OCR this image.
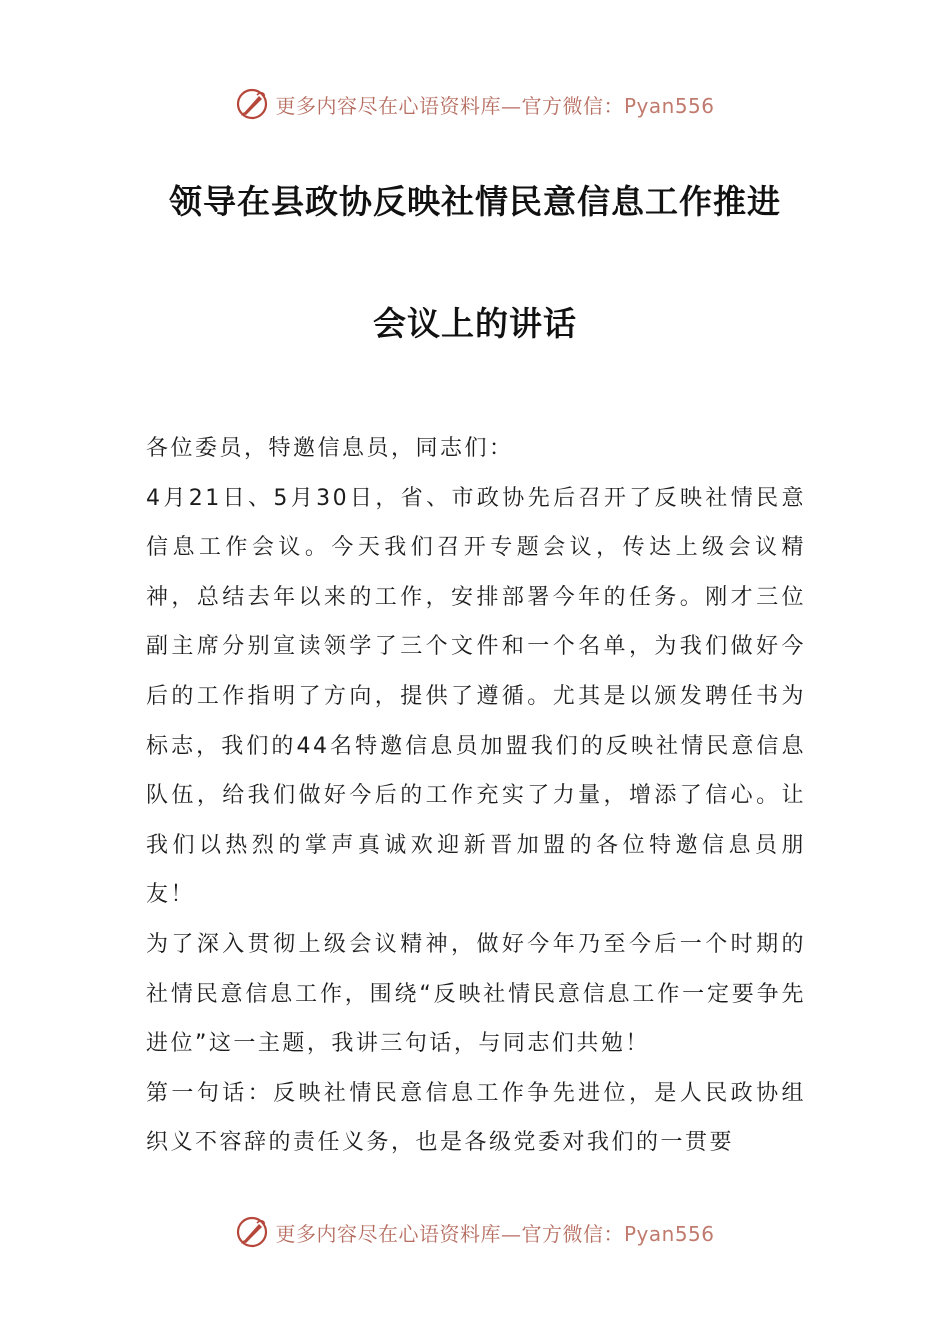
更多内容尽在心语资料库—官方微信：Pyan556
领导在县政协反映社情民意信息工作推进
会议上的讲话

各位委员，特邀信息员，同志们：

4月21日、5月30日，省、市政协先后召开了反映社情民意信息工作会议。今天我们召开专题会议，传达上级会议精神，总结去年以来的工作，安排部署今年的任务。刚才三位副主席分别宣读领学了三个文件和一个名单，为我们做好今后的工作指明了方向，提供了遵循。尤其是以颁发聘任书为标志，我们的44名特邀信息员加盟我们的反映社情民意信息队伍，给我们做好今后的工作充实了力量，增添了信心。让我们以热烈的掌声真诚欢迎新晋加盟的各位特邀信息员朋友！

为了深入贯彻上级会议精神，做好今年乃至今后一个时期的社情民意信息工作，围绕“反映社情民意信息工作一定要争先进位”这一主题，我讲三句话，与同志们共勉！

第一句话：反映社情民意信息工作争先进位，是人民政协组织义不容辞的责任义务，也是各级党委对我们的一贯要

更多内容尽在心语资料库—官方微信：Pyan556
